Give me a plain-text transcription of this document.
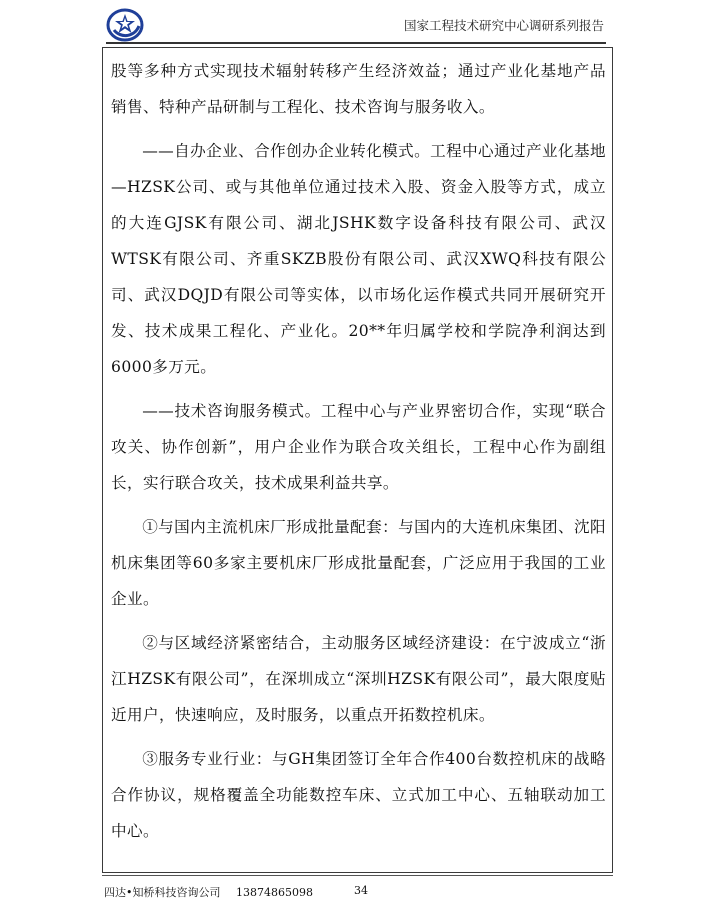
国家工程技术研究中心调研系列报告

股等多种方式实现技术辐射转移产生经济效益；通过产业化基地产品销售、特种产品研制与工程化、技术咨询与服务收入。

——自办企业、合作创办企业转化模式。工程中心通过产业化基地—HZSK公司、或与其他单位通过技术入股、资金入股等方式，成立的大连GJSK有限公司、湖北JSHK数字设备科技有限公司、武汉WTSK有限公司、齐重SKZB股份有限公司、武汉XWQ科技有限公司、武汉DQJD有限公司等实体，以市场化运作模式共同开展研究开发、技术成果工程化、产业化。20**年归属学校和学院净利润达到6000多万元。

——技术咨询服务模式。工程中心与产业界密切合作，实现“联合攻关、协作创新”，用户企业作为联合攻关组长，工程中心作为副组长，实行联合攻关，技术成果利益共享。

①与国内主流机床厂形成批量配套：与国内的大连机床集团、沈阳机床集团等60多家主要机床厂形成批量配套，广泛应用于我国的工业企业。

②与区域经济紧密结合，主动服务区域经济建设：在宁波成立“浙江HZSK有限公司”，在深圳成立“深圳HZSK有限公司”，最大限度贴近用户，快速响应，及时服务，以重点开拓数控机床。

③服务专业行业：与GH集团签订全年合作400台数控机床的战略合作协议，规格覆盖全功能数控车床、立式加工中心、五轴联动加工中心。

四达•知桥科技咨询公司 13874865098	34
